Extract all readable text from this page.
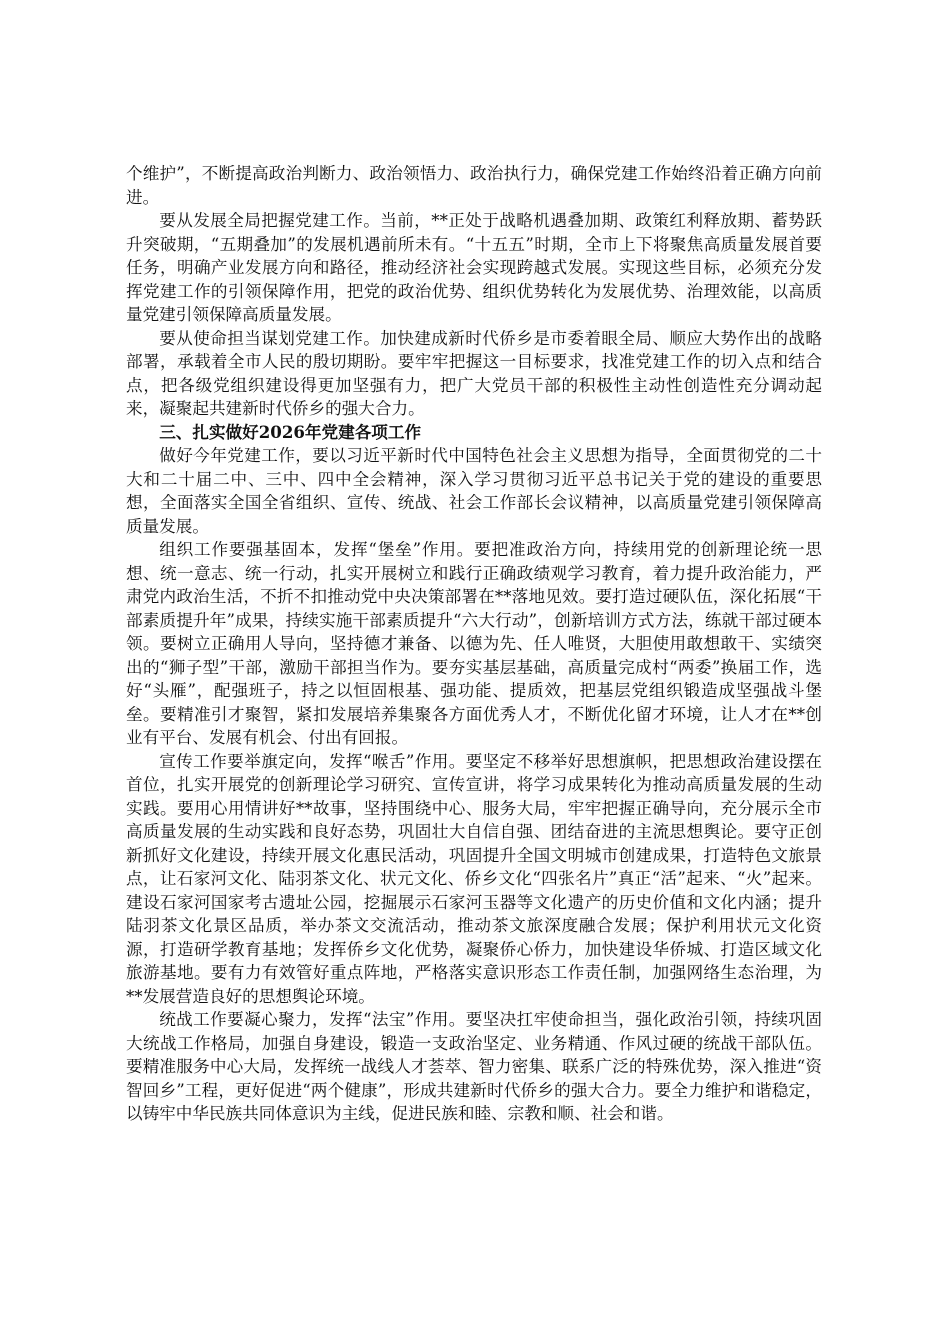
个维护”，不断提高政治判断力、政治领悟力、政治执行力，确保党建工作始终沿着正确方向前进。

要从发展全局把握党建工作。当前，**正处于战略机遇叠加期、政策红利释放期、蓄势跃升突破期，“五期叠加”的发展机遇前所未有。“十五五”时期，全市上下将聚焦高质量发展首要任务，明确产业发展方向和路径，推动经济社会实现跨越式发展。实现这些目标，必须充分发挥党建工作的引领保障作用，把党的政治优势、组织优势转化为发展优势、治理效能，以高质量党建引领保障高质量发展。

要从使命担当谋划党建工作。加快建成新时代侨乡是市委着眼全局、顺应大势作出的战略部署，承载着全市人民的殷切期盼。要牢牢把握这一目标要求，找准党建工作的切入点和结合点，把各级党组织建设得更加坚强有力，把广大党员干部的积极性主动性创造性充分调动起来，凝聚起共建新时代侨乡的强大合力。

三、扎实做好2026年党建各项工作

做好今年党建工作，要以习近平新时代中国特色社会主义思想为指导，全面贯彻党的二十大和二十届二中、三中、四中全会精神，深入学习贯彻习近平总书记关于党的建设的重要思想，全面落实全国全省组织、宣传、统战、社会工作部长会议精神，以高质量党建引领保障高质量发展。

组织工作要强基固本，发挥“堡垒”作用。要把准政治方向，持续用党的创新理论统一思想、统一意志、统一行动，扎实开展树立和践行正确政绩观学习教育，着力提升政治能力，严肃党内政治生活，不折不扣推动党中央决策部署在**落地见效。要打造过硬队伍，深化拓展“干部素质提升年”成果，持续实施干部素质提升“六大行动”，创新培训方式方法，练就干部过硬本领。要树立正确用人导向，坚持德才兼备、以德为先、任人唯贤，大胆使用敢想敢干、实绩突出的“狮子型”干部，激励干部担当作为。要夯实基层基础，高质量完成村“两委”换届工作，选好“头雁”，配强班子，持之以恒固根基、强功能、提质效，把基层党组织锻造成坚强战斗堡垒。要精准引才聚智，紧扣发展培养集聚各方面优秀人才，不断优化留才环境，让人才在**创业有平台、发展有机会、付出有回报。

宣传工作要举旗定向，发挥“喉舌”作用。要坚定不移举好思想旗帜，把思想政治建设摆在首位，扎实开展党的创新理论学习研究、宣传宣讲，将学习成果转化为推动高质量发展的生动实践。要用心用情讲好**故事，坚持围绕中心、服务大局，牢牢把握正确导向，充分展示全市高质量发展的生动实践和良好态势，巩固壮大自信自强、团结奋进的主流思想舆论。要守正创新抓好文化建设，持续开展文化惠民活动，巩固提升全国文明城市创建成果，打造特色文旅景点，让石家河文化、陆羽茶文化、状元文化、侨乡文化“四张名片”真正“活”起来、“火”起来。建设石家河国家考古遗址公园，挖掘展示石家河玉器等文化遗产的历史价值和文化内涵；提升陆羽茶文化景区品质，举办茶文交流活动，推动茶文旅深度融合发展；保护利用状元文化资源，打造研学教育基地；发挥侨乡文化优势，凝聚侨心侨力，加快建设华侨城、打造区域文化旅游基地。要有力有效管好重点阵地，严格落实意识形态工作责任制，加强网络生态治理，为**发展营造良好的思想舆论环境。

统战工作要凝心聚力，发挥“法宝”作用。要坚决扛牢使命担当，强化政治引领，持续巩固大统战工作格局，加强自身建设，锻造一支政治坚定、业务精通、作风过硬的统战干部队伍。要精准服务中心大局，发挥统一战线人才荟萃、智力密集、联系广泛的特殊优势，深入推进“资智回乡”工程，更好促进“两个健康”，形成共建新时代侨乡的强大合力。要全力维护和谐稳定，以铸牢中华民族共同体意识为主线，促进民族和睦、宗教和顺、社会和谐。
